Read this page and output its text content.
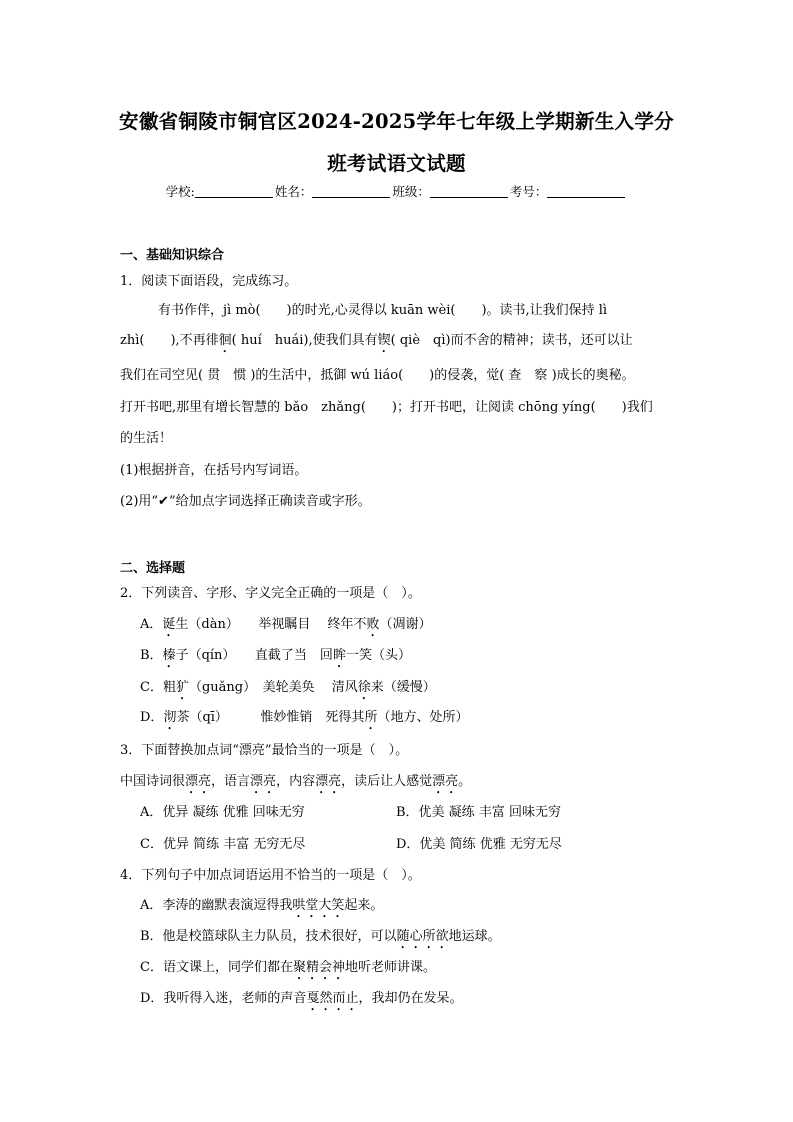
安徽省铜陵市铜官区2024-2025学年七年级上学期新生入学分
班考试语文试题
学校:	姓名：	班级：	考号：
一、基础知识综合
1．阅读下面语段，完成练习。
有书作伴，jì mò(　　)的时光,心灵得以 kuān wèi(　　)。读书,让我们保持 lì
zhì(　　),不再徘徊( huí　huái),使我们具有锲( qiè　qì)而不舍的精神；读书，还可以让
我们在司空见( 贯　惯 )的生活中，抵御 wú liáo(　　)的侵袭，觉( 查　察 )成长的奥秘。
打开书吧,那里有增长智慧的 bǎo　zhǎng(　　)；打开书吧，让阅读 chōng yíng(　　)我们
的生活！
(1)根据拼音，在括号内写词语。
(2)用“✔”给加点字词选择正确读音或字形。
二、选择题
2．下列读音、字形、字义完全正确的一项是（　）。
A．诞生（dàn）　　举视瞩目　 终年不败（凋谢）
B．榛子（qín）　　直截了当　回眸一笑（头）
C．粗犷（guǎng）　美轮美奂　 清风徐来（缓慢）
D．沏茶（qī）　　　惟妙惟销　死得其所（地方、处所）
3．下面替换加点词“漂亮”最恰当的一项是（　）。
中国诗词很漂亮，语言漂亮，内容漂亮，读后让人感觉漂亮。
A．优异 凝练 优雅 回味无穷	B．优美 凝练 丰富 回味无穷
C．优异 简练 丰富 无穷无尽	D．优美 简练 优雅 无穷无尽
4．下列句子中加点词语运用不恰当的一项是（　）。
A．李涛的幽默表演逗得我哄堂大笑起来。
B．他是校篮球队主力队员，技术很好，可以随心所欲地运球。
C．语文课上，同学们都在聚精会神地听老师讲课。
D．我听得入迷，老师的声音戛然而止，我却仍在发呆。
